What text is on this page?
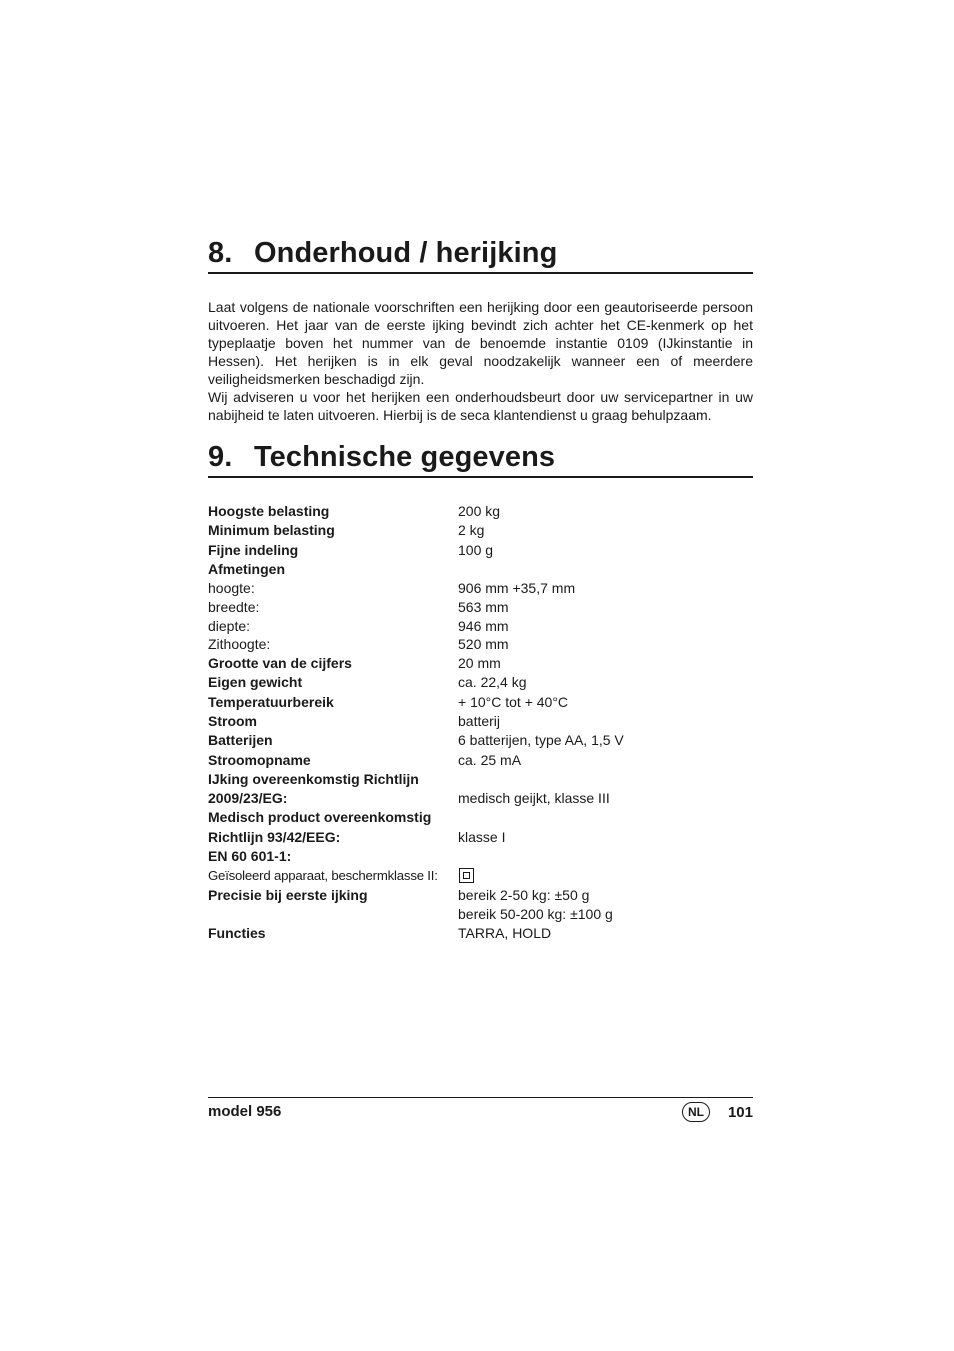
8. Onderhoud / herijking

Laat volgens de nationale voorschriften een herijking door een geautoriseerde persoon uitvoeren. Het jaar van de eerste ijking bevindt zich achter het CE-kenmerk op het typeplaatje boven het nummer van de benoemde instantie 0109 (IJkinstantie in Hessen). Het herijken is in elk geval noodzakelijk wanneer een of meerdere veiligheidsmerken beschadigd zijn.

Wij adviseren u voor het herijken een onderhoudsbeurt door uw servicepartner in uw nabijheid te laten uitvoeren. Hierbij is de seca klantendienst u graag behulpzaam.

9. Technische gegevens
Hoogste belasting	200 kg
Minimum belasting	2 kg
Fijne indeling	100 g
Afmetingen
hoogte:	906 mm +35,7 mm
breedte:	563 mm
diepte:	946 mm
Zithoogte:	520 mm
Grootte van de cijfers	20 mm
Eigen gewicht	ca. 22,4 kg
Temperatuurbereik	+ 10°C tot + 40°C
Stroom	batterij
Batterijen	6 batterijen, type AA, 1,5 V
Stroomopname	ca. 25 mA
IJking overeenkomstig Richtlijn
2009/23/EG:	medisch geijkt, klasse III
Medisch product overeenkomstig
Richtlijn 93/42/EEG:	klasse I
EN 60 601-1:
Geïsoleerd apparaat, beschermklasse II:
Precisie bij eerste ijking	bereik 2-50 kg: ±50 g
bereik 50-200 kg: ±100 g
Functies	TARRA, HOLD
model 956	NL	101
